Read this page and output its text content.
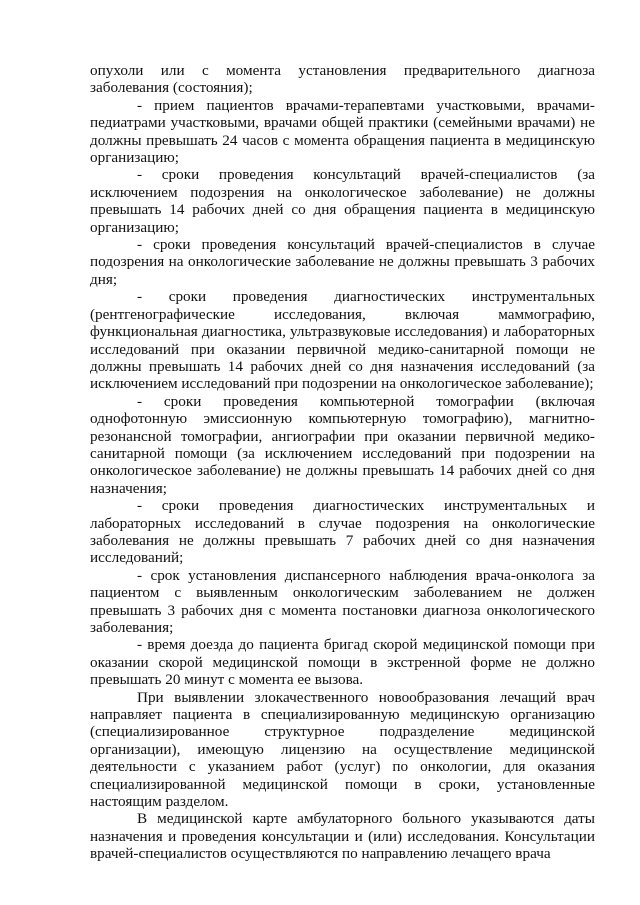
опухоли или с момента установления предварительного диагноза заболевания (состояния);

- прием пациентов врачами-терапевтами участковыми, врачами-педиатрами участковыми, врачами общей практики (семейными врачами) не должны превышать 24 часов с момента обращения пациента в медицинскую организацию;

- сроки проведения консультаций врачей-специалистов (за исключением подозрения на онкологическое заболевание) не должны превышать 14 рабочих дней со дня обращения пациента в медицинскую организацию;

- сроки проведения консультаций врачей-специалистов в случае подозрения на онкологические заболевание не должны превышать 3 рабочих дня;

- сроки проведения диагностических инструментальных (рентгенографические исследования, включая маммографию, функциональная диагностика, ультразвуковые исследования) и лабораторных исследований при оказании первичной медико-санитарной помощи не должны превышать 14 рабочих дней со дня назначения исследований (за исключением исследований при подозрении на онкологическое заболевание);

- сроки проведения компьютерной томографии (включая однофотонную эмиссионную компьютерную томографию), магнитно-резонансной томографии, ангиографии при оказании первичной медико-санитарной помощи (за исключением исследований при подозрении на онкологическое заболевание) не должны превышать 14 рабочих дней со дня назначения;

- сроки проведения диагностических инструментальных и лабораторных исследований в случае подозрения на онкологические заболевания не должны превышать 7 рабочих дней со дня назначения исследований;

- срок установления диспансерного наблюдения врача-онколога за пациентом с выявленным онкологическим заболеванием не должен превышать 3 рабочих дня с момента постановки диагноза онкологического заболевания;

- время доезда до пациента бригад скорой медицинской помощи при оказании скорой медицинской помощи в экстренной форме не должно превышать 20 минут с момента ее вызова.

При выявлении злокачественного новообразования лечащий врач направляет пациента в специализированную медицинскую организацию (специализированное структурное подразделение медицинской организации), имеющую лицензию на осуществление медицинской деятельности с указанием работ (услуг) по онкологии, для оказания специализированной медицинской помощи в сроки, установленные настоящим разделом.

В медицинской карте амбулаторного больного указываются даты назначения и проведения консультации и (или) исследования. Консультации врачей-специалистов осуществляются по направлению лечащего врача
